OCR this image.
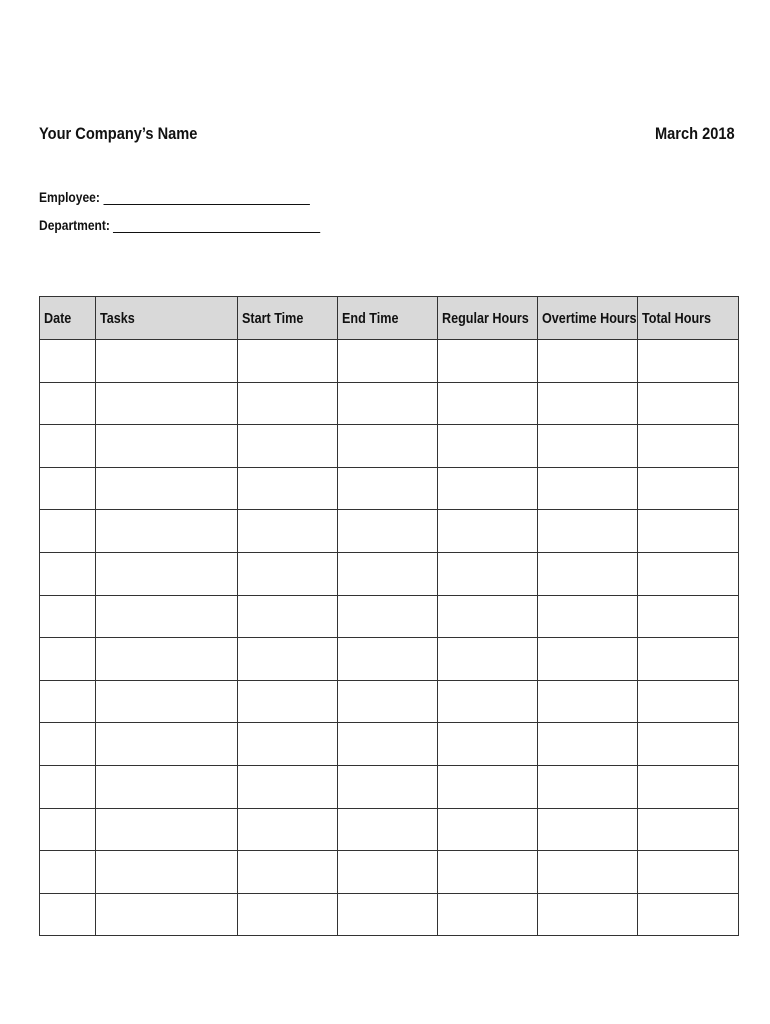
Your Company’s Name	March 2018
Employee:
Department:
Date	Tasks	Start Time	End Time	Regular Hours	Overtime Hours	Total Hours
